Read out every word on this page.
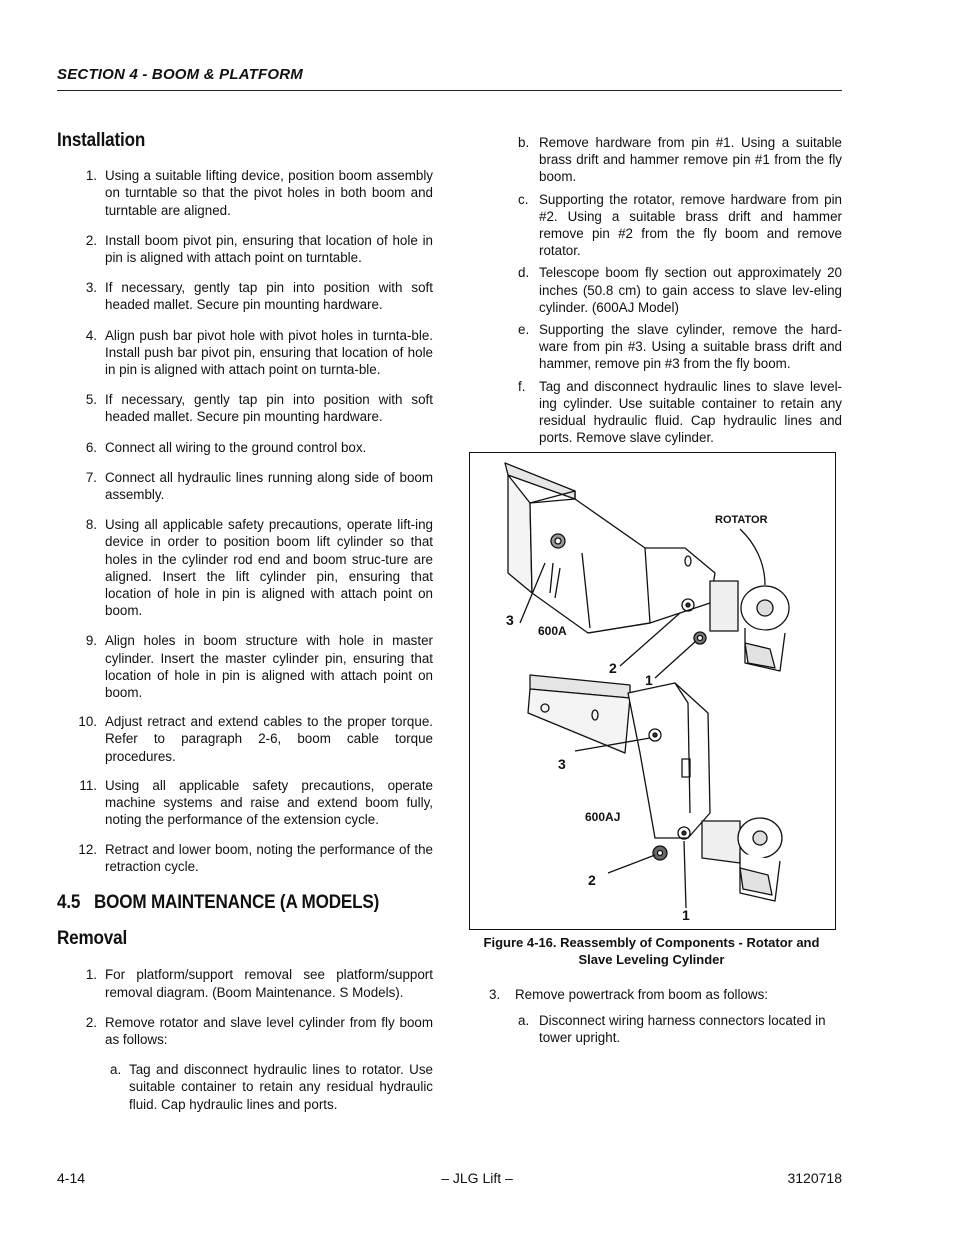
SECTION 4 - BOOM & PLATFORM
Installation
1. Using a suitable lifting device, position boom assembly on turntable so that the pivot holes in both boom and turntable are aligned.
2. Install boom pivot pin, ensuring that location of hole in pin is aligned with attach point on turntable.
3. If necessary, gently tap pin into position with soft headed mallet. Secure pin mounting hardware.
4. Align push bar pivot hole with pivot holes in turnta-ble. Install push bar pivot pin, ensuring that location of hole in pin is aligned with attach point on turnta-ble.
5. If necessary, gently tap pin into position with soft headed mallet. Secure pin mounting hardware.
6. Connect all wiring to the ground control box.
7. Connect all hydraulic lines running along side of boom assembly.
8. Using all applicable safety precautions, operate lift-ing device in order to position boom lift cylinder so that holes in the cylinder rod end and boom struc-ture are aligned. Insert the lift cylinder pin, ensuring that location of hole in pin is aligned with attach point on boom.
9. Align holes in boom structure with hole in master cylinder. Insert the master cylinder pin, ensuring that location of hole in pin is aligned with attach point on boom.
10. Adjust retract and extend cables to the proper torque. Refer to paragraph 2-6, boom cable torque procedures.
11. Using all applicable safety precautions, operate machine systems and raise and extend boom fully, noting the performance of the extension cycle.
12. Retract and lower boom, noting the performance of the retraction cycle.
4.5   BOOM MAINTENANCE (A MODELS)
Removal
1. For platform/support removal see platform/support removal diagram. (Boom Maintenance. S Models).
2. Remove rotator and slave level cylinder from fly boom as follows:
a. Tag and disconnect hydraulic lines to rotator. Use suitable container to retain any residual hydraulic fluid. Cap hydraulic lines and ports.
b. Remove hardware from pin #1. Using a suitable brass drift and hammer remove pin #1 from the fly boom.
c. Supporting the rotator, remove hardware from pin #2. Using a suitable brass drift and hammer remove pin #2 from the fly boom and remove rotator.
d. Telescope boom fly section out approximately 20 inches (50.8 cm) to gain access to slave lev-eling cylinder. (600AJ Model)
e. Supporting the slave cylinder, remove the hard-ware from pin #3. Using a suitable brass drift and hammer, remove pin #3 from the fly boom.
f.	Tag and disconnect hydraulic lines to slave level-ing cylinder. Use suitable container to retain any residual hydraulic fluid. Cap hydraulic lines and ports. Remove slave cylinder.
ROTATOR
600A
3
2
1
600AJ
3
2
1
Figure 4-16. Reassembly of Components - Rotator and
Slave Leveling Cylinder
3.	Remove powertrack from boom as follows:
a. Disconnect wiring harness connectors located in tower upright.
4-14	– JLG Lift –	3120718
